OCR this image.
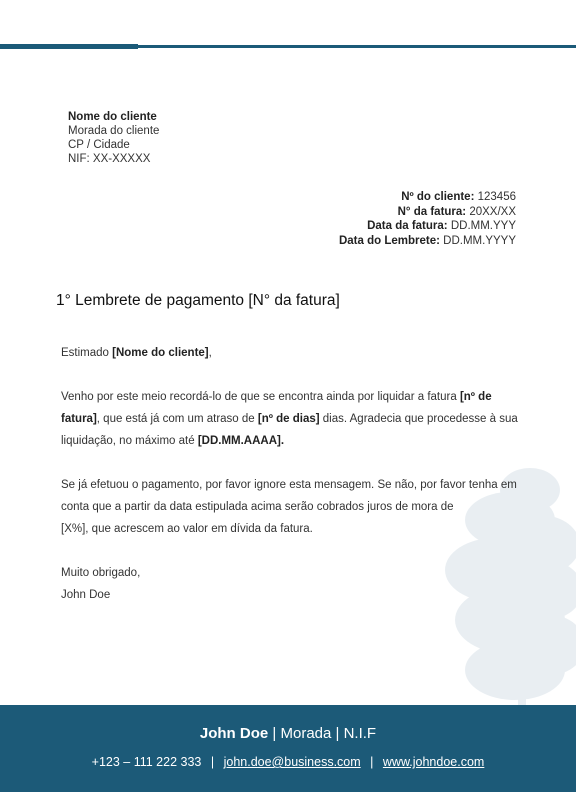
Nome do cliente
Morada do cliente
CP / Cidade
NIF: XX-XXXXX
Nº do cliente: 123456
N° da fatura: 20XX/XX
Data da fatura: DD.MM.YYY
Data do Lembrete: DD.MM.YYYY
1° Lembrete de pagamento [N° da fatura]

Estimado [Nome do cliente],

Venho por este meio recordá-lo de que se encontra ainda por liquidar a fatura [nº de fatura], que está já com um atraso de [nº de dias] dias. Agradecia que procedesse à sua liquidação, no máximo até [DD.MM.AAAA].

Se já efetuou o pagamento, por favor ignore esta mensagem. Se não, por favor tenha em conta que a partir da data estipulada acima serão cobrados juros de mora de
[X%], que acrescem ao valor em dívida da fatura.

Muito obrigado,

John Doe

John Doe | Morada | N.I.F
+123 – 111 222 333 | john.doe@business.com | www.johndoe.com
